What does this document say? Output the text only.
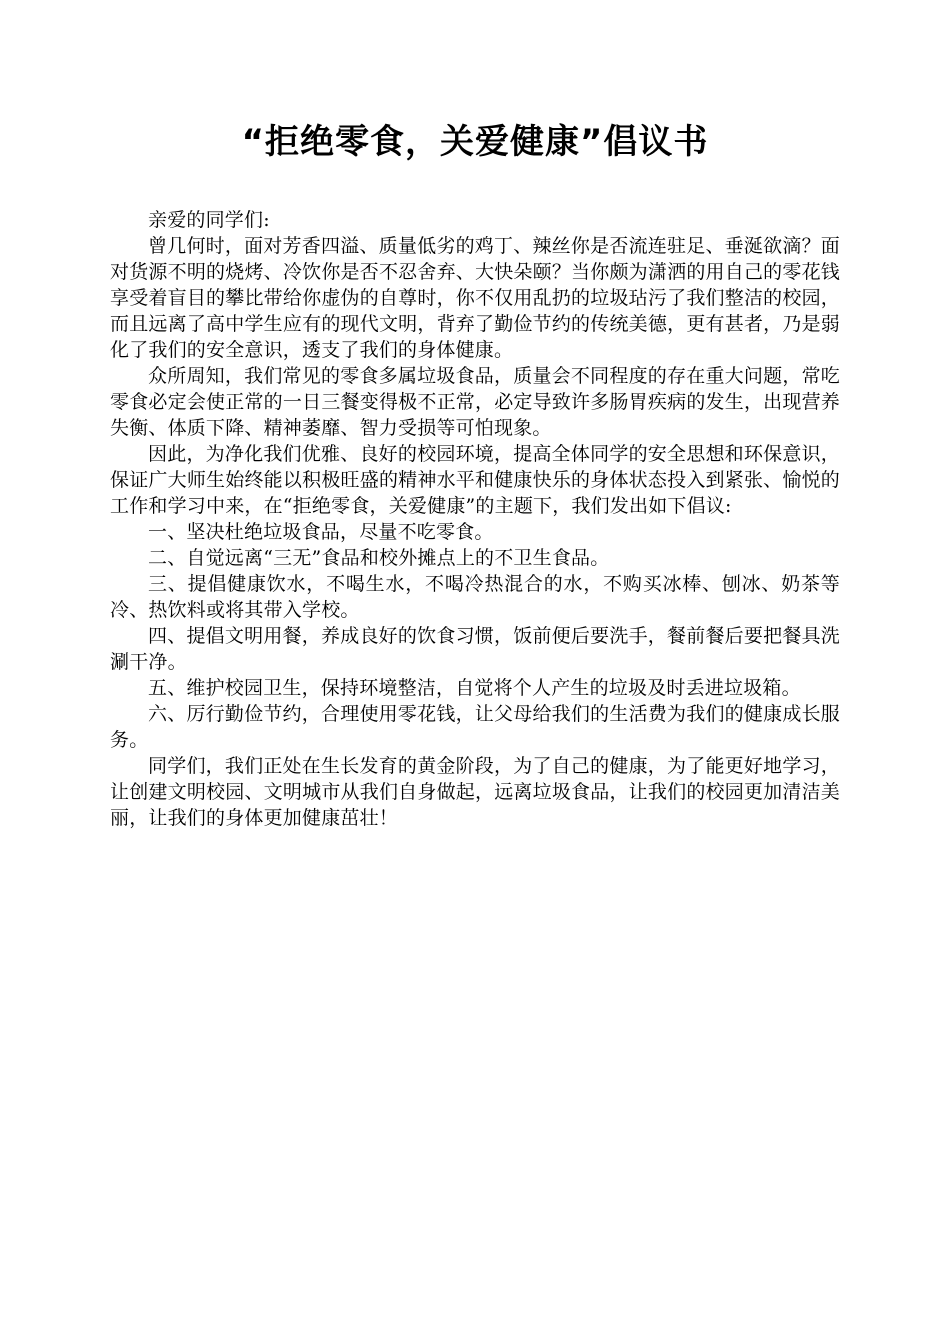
“拒绝零食，关爱健康”倡议书

亲爱的同学们:

曾几何时，面对芳香四溢、质量低劣的鸡丁、辣丝你是否流连驻足、垂涎欲滴？面对货源不明的烧烤、冷饮你是否不忍舍弃、大快朵颐？当你颇为潇洒的用自己的零花钱享受着盲目的攀比带给你虚伪的自尊时，你不仅用乱扔的垃圾玷污了我们整洁的校园，而且远离了高中学生应有的现代文明，背弃了勤俭节约的传统美德，更有甚者，乃是弱化了我们的安全意识，透支了我们的身体健康。

众所周知，我们常见的零食多属垃圾食品，质量会不同程度的存在重大问题，常吃零食必定会使正常的一日三餐变得极不正常，必定导致许多肠胃疾病的发生，出现营养失衡、体质下降、精神萎靡、智力受损等可怕现象。

因此，为净化我们优雅、良好的校园环境，提高全体同学的安全思想和环保意识，保证广大师生始终能以积极旺盛的精神水平和健康快乐的身体状态投入到紧张、愉悦的工作和学习中来，在“拒绝零食，关爱健康”的主题下，我们发出如下倡议:

一、坚决杜绝垃圾食品，尽量不吃零食。

二、自觉远离“三无”食品和校外摊点上的不卫生食品。

三、提倡健康饮水，不喝生水，不喝冷热混合的水，不购买冰棒、刨冰、奶茶等冷、热饮料或将其带入学校。

四、提倡文明用餐，养成良好的饮食习惯，饭前便后要洗手，餐前餐后要把餐具洗涮干净。

五、维护校园卫生，保持环境整洁，自觉将个人产生的垃圾及时丢进垃圾箱。

六、厉行勤俭节约，合理使用零花钱，让父母给我们的生活费为我们的健康成长服务。

同学们，我们正处在生长发育的黄金阶段，为了自己的健康，为了能更好地学习，让创建文明校园、文明城市从我们自身做起，远离垃圾食品，让我们的校园更加清洁美丽，让我们的身体更加健康茁壮！
